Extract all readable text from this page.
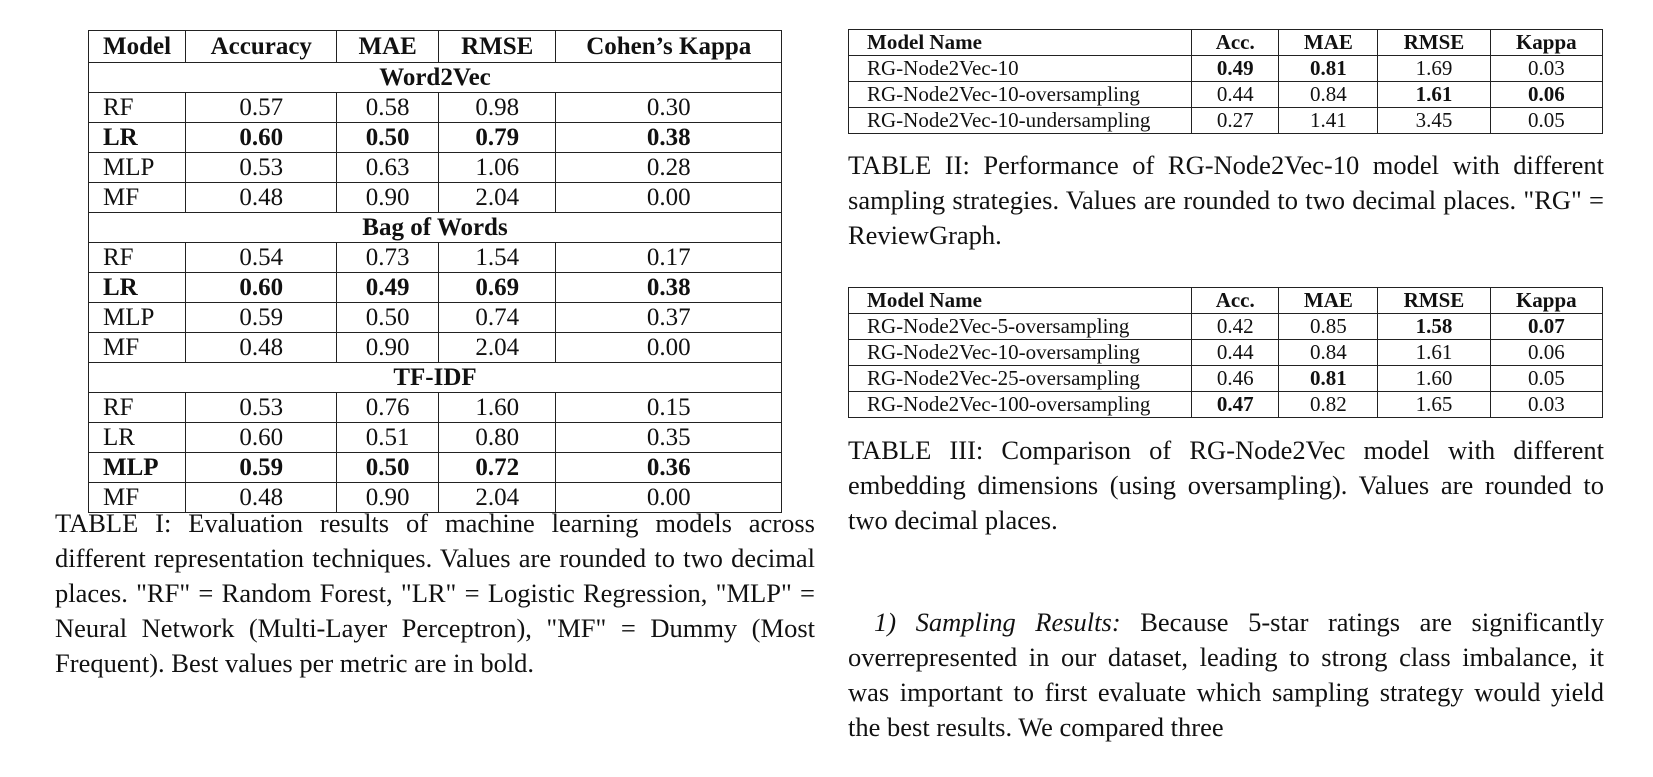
Model	Accuracy	MAE	RMSE	Cohen’s Kappa
Word2Vec				
RF	0.57	0.58	0.98	0.30
LR	0.60	0.50	0.79	0.38
MLP	0.53	0.63	1.06	0.28
MF	0.48	0.90	2.04	0.00
Bag of Words				
RF	0.54	0.73	1.54	0.17
LR	0.60	0.49	0.69	0.38
MLP	0.59	0.50	0.74	0.37
MF	0.48	0.90	2.04	0.00
TF-IDF				
RF	0.53	0.76	1.60	0.15
LR	0.60	0.51	0.80	0.35
MLP	0.59	0.50	0.72	0.36
MF	0.48	0.90	2.04	0.00
TABLE I: Evaluation results of machine learning models across different representation techniques. Values are rounded to two decimal places. "RF" = Random Forest, "LR" = Logistic Regression, "MLP" = Neural Network (Multi-Layer Perceptron), "MF" = Dummy (Most Frequent). Best values per metric are in bold.
Model Name	Acc.	MAE	RMSE	Kappa
RG-Node2Vec-10	0.49	0.81	1.69	0.03
RG-Node2Vec-10-oversampling	0.44	0.84	1.61	0.06
RG-Node2Vec-10-undersampling	0.27	1.41	3.45	0.05
TABLE II: Performance of RG-Node2Vec-10 model with different sampling strategies. Values are rounded to two decimal places. "RG" = ReviewGraph.
Model Name	Acc.	MAE	RMSE	Kappa
RG-Node2Vec-5-oversampling	0.42	0.85	1.58	0.07
RG-Node2Vec-10-oversampling	0.44	0.84	1.61	0.06
RG-Node2Vec-25-oversampling	0.46	0.81	1.60	0.05
RG-Node2Vec-100-oversampling	0.47	0.82	1.65	0.03
TABLE III: Comparison of RG-Node2Vec model with different embedding dimensions (using oversampling). Values are rounded to two decimal places.
1) Sampling Results: Because 5-star ratings are significantly overrepresented in our dataset, leading to strong class imbalance, it was important to first evaluate which sampling strategy would yield the best results. We compared three
